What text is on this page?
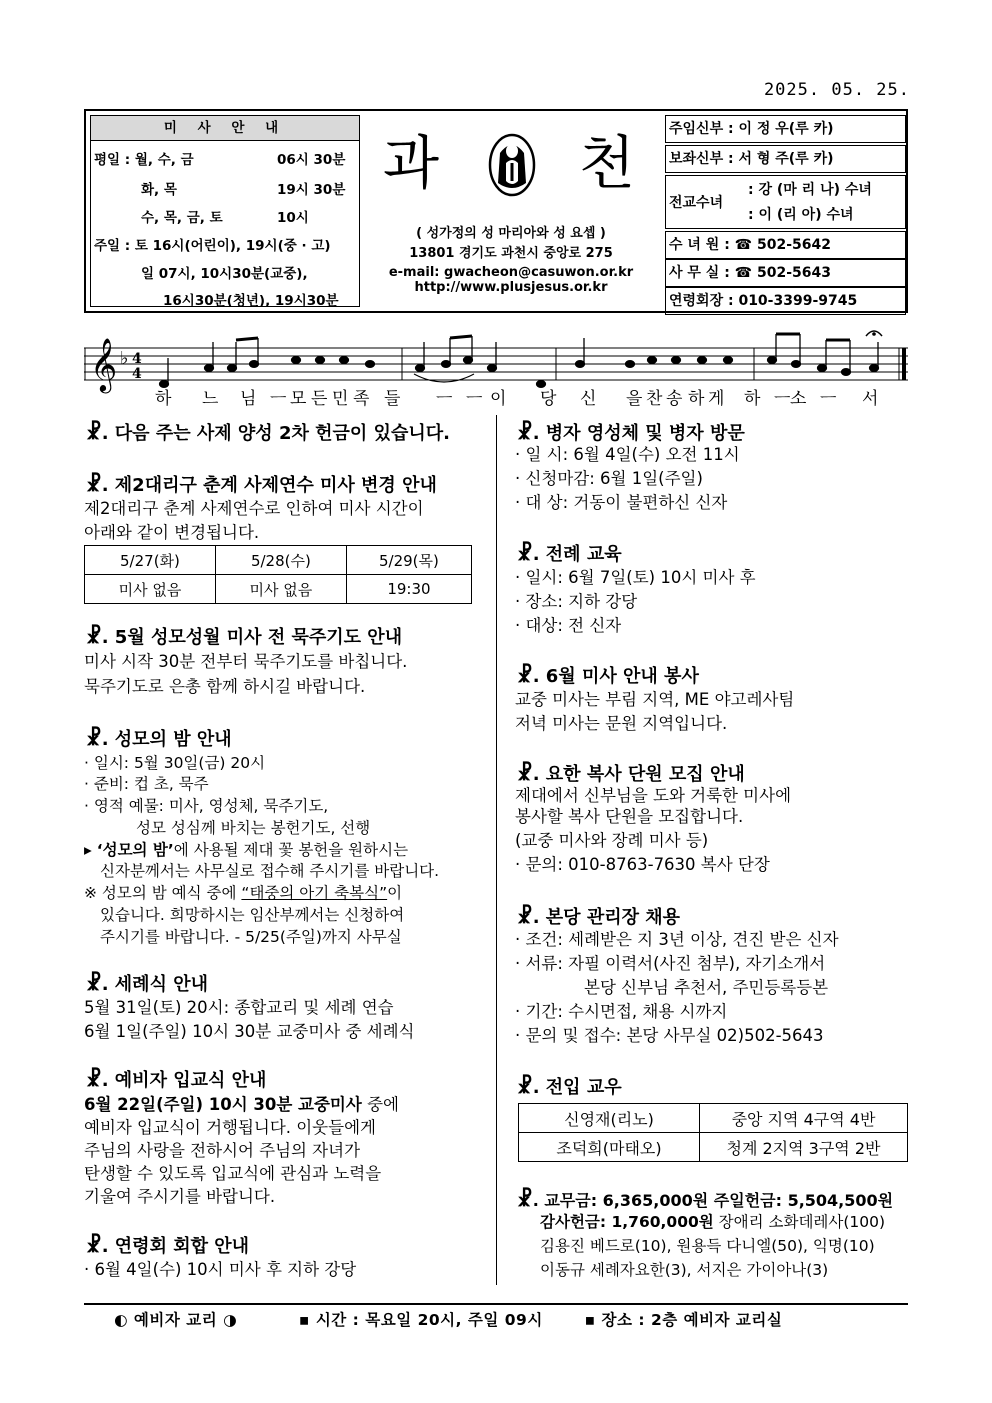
2025. 05. 25.
미 사 안 내
평일 : 월, 수, 금	06시 30분
화, 목	19시 30분
수, 목, 금, 토	10시
주일 : 토 16시(어린이), 19시(중 · 고)
일 07시, 10시30분(교중),
16시30분(청년), 19시30분
과 천
( 성가정의 성 마리아와 성 요셉 )
13801 경기도 과천시 중앙로 275
e-mail: gwacheon@casuwon.or.kr
http://www.plusjesus.or.kr
주임신부 : 이 정 우(루 카)
보좌신부 : 서 형 주(루 카)
전교수녀
: 강 (마 리 나) 수녀
: 이 (리 아) 수녀
수 녀 원 : ☎ 502-5642
사 무 실 : ☎ 502-5643
연령회장 : 010-3399-9745
𝄞 ♭ 4
4
하 느 님 ㅡ 모 든 민 족 들 ㅡ ㅡ 이 당 신 을 찬 송 하 게 하 ㅡ
소 ㅡ 서
☧. 다음 주는 사제 양성 2차 헌금이 있습니다.
☧. 제2대리구 춘계 사제연수 미사 변경 안내
제2대리구 춘계 사제연수로 인하여 미사 시간이
아래와 같이 변경됩니다.
5/27(화)	5/28(수)	5/29(목)
미사 없음	미사 없음	19:30
☧. 5월 성모성월 미사 전 묵주기도 안내
미사 시작 30분 전부터 묵주기도를 바칩니다.
묵주기도로 은총 함께 하시길 바랍니다.
☧. 성모의 밤 안내
· 일시: 5월 30일(금) 20시
· 준비: 컵 초, 묵주
· 영적 예물: 미사, 영성체, 묵주기도,
성모 성심께 바치는 봉헌기도, 선행
▸ ‘성모의 밤’에 사용될 제대 꽃 봉헌을 원하시는
신자분께서는 사무실로 접수해 주시기를 바랍니다.
※ 성모의 밤 예식 중에 “태중의 아기 축복식”이
있습니다. 희망하시는 임산부께서는 신청하여
주시기를 바랍니다. - 5/25(주일)까지 사무실
☧. 세례식 안내
5월 31일(토) 20시: 종합교리 및 세례 연습
6월 1일(주일) 10시 30분 교중미사 중 세례식
☧. 예비자 입교식 안내
6월 22일(주일) 10시 30분 교중미사 중에
예비자 입교식이 거행됩니다. 이웃들에게
주님의 사랑을 전하시어 주님의 자녀가
탄생할 수 있도록 입교식에 관심과 노력을
기울여 주시기를 바랍니다.
☧. 연령회 회합 안내
· 6월 4일(수) 10시 미사 후 지하 강당
☧. 병자 영성체 및 병자 방문
· 일 시: 6월 4일(수) 오전 11시
· 신청마감: 6월 1일(주일)
· 대 상: 거동이 불편하신 신자
☧. 전례 교육
· 일시: 6월 7일(토) 10시 미사 후
· 장소: 지하 강당
· 대상: 전 신자
☧. 6월 미사 안내 봉사
교중 미사는 부림 지역, ME 야고레사팀
저녁 미사는 문원 지역입니다.
☧. 요한 복사 단원 모집 안내
제대에서 신부님을 도와 거룩한 미사에
봉사할 복사 단원을 모집합니다.
(교중 미사와 장례 미사 등)
· 문의: 010-8763-7630 복사 단장
☧. 본당 관리장 채용
· 조건: 세례받은 지 3년 이상, 견진 받은 신자
· 서류: 자필 이력서(사진 첨부), 자기소개서
본당 신부님 추천서, 주민등록등본
· 기간: 수시면접, 채용 시까지
· 문의 및 접수: 본당 사무실 02)502-5643
☧. 전입 교우
신영재(리노)	중앙 지역 4구역 4반
조덕희(마태오)	청계 2지역 3구역 2반
☧. 교무금: 6,365,000원 주일헌금: 5,504,500원
감사헌금: 1,760,000원 장애리 소화데레사(100)
김용진 베드로(10), 원용득 다니엘(50), 익명(10)
이동규 세례자요한(3), 서지은 가이아나(3)
◐ 예비자 교리 ◑	▪ 시간 : 목요일 20시, 주일 09시	▪ 장소 : 2층 예비자 교리실
